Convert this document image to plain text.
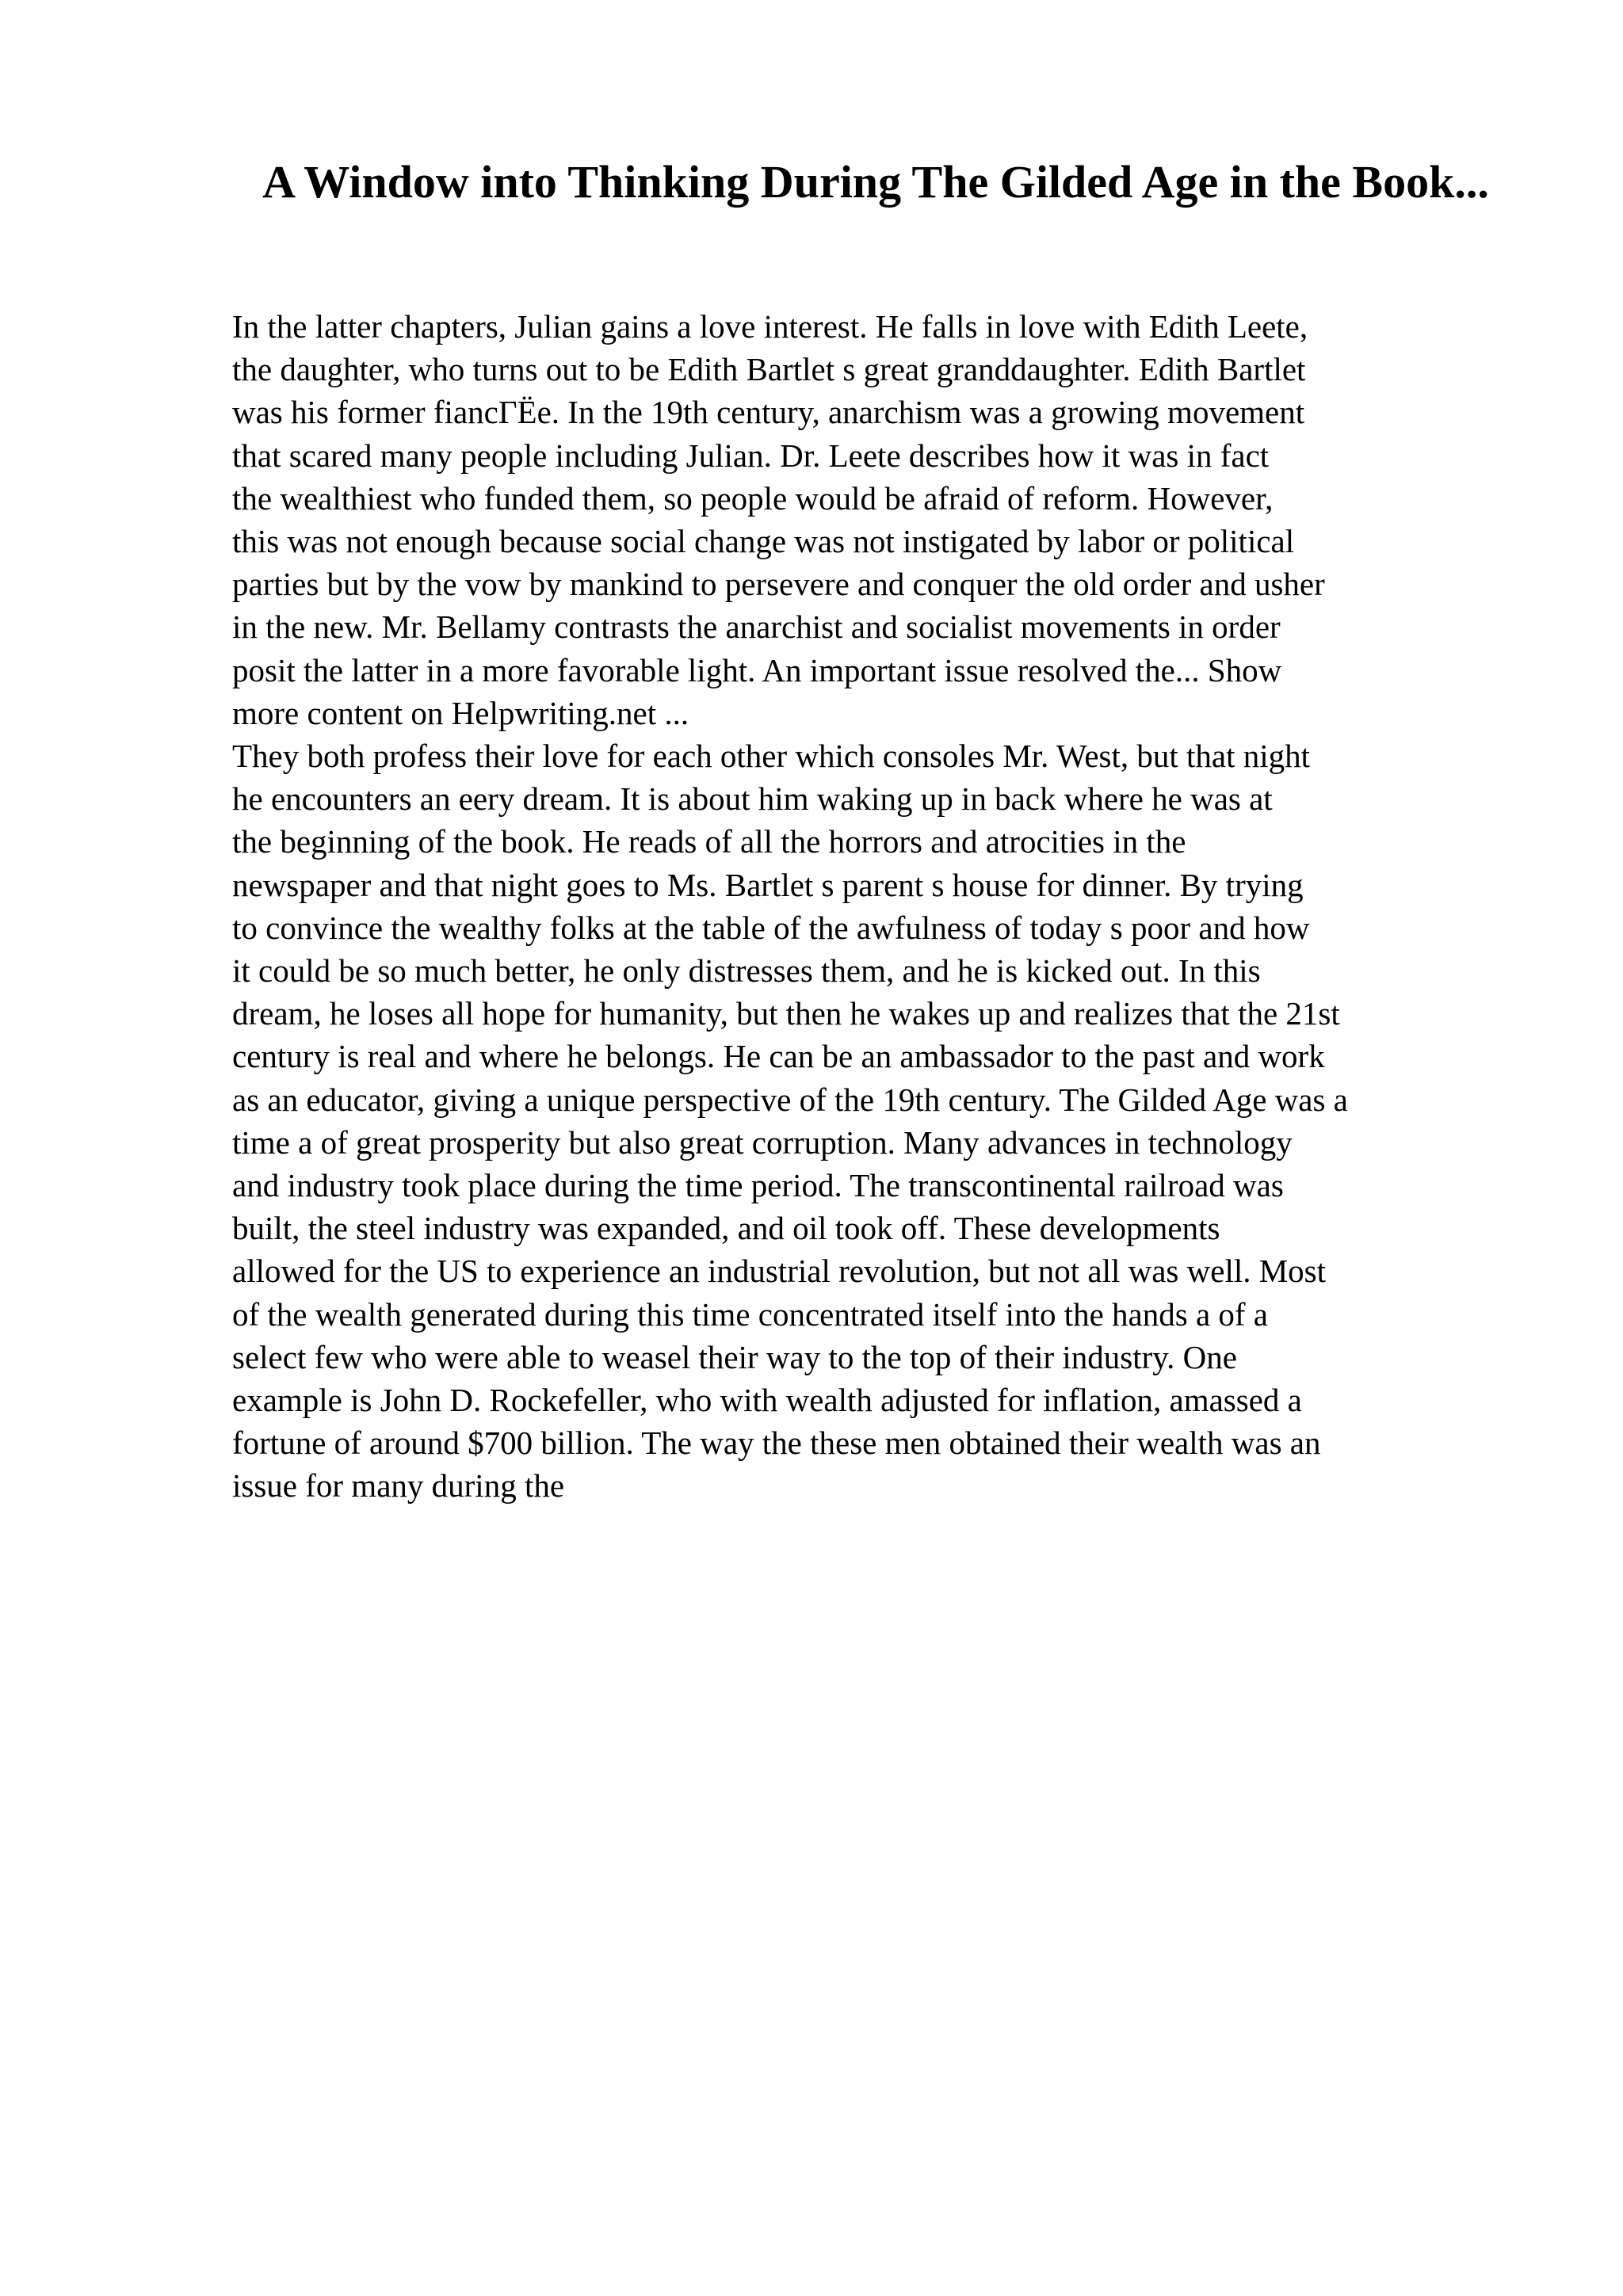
A Window into Thinking During The Gilded Age in the Book...
In the latter chapters, Julian gains a love interest. He falls in love with Edith Leete,
the daughter, who turns out to be Edith Bartlet s great granddaughter. Edith Bartlet
was his former fiancГЁe. In the 19th century, anarchism was a growing movement
that scared many people including Julian. Dr. Leete describes how it was in fact
the wealthiest who funded them, so people would be afraid of reform. However,
this was not enough because social change was not instigated by labor or political
parties but by the vow by mankind to persevere and conquer the old order and usher
in the new. Mr. Bellamy contrasts the anarchist and socialist movements in order
posit the latter in a more favorable light. An important issue resolved the... Show
more content on Helpwriting.net ...
They both profess their love for each other which consoles Mr. West, but that night
he encounters an eery dream. It is about him waking up in back where he was at
the beginning of the book. He reads of all the horrors and atrocities in the
newspaper and that night goes to Ms. Bartlet s parent s house for dinner. By trying
to convince the wealthy folks at the table of the awfulness of today s poor and how
it could be so much better, he only distresses them, and he is kicked out. In this
dream, he loses all hope for humanity, but then he wakes up and realizes that the 21st
century is real and where he belongs. He can be an ambassador to the past and work
as an educator, giving a unique perspective of the 19th century. The Gilded Age was a
time a of great prosperity but also great corruption. Many advances in technology
and industry took place during the time period. The transcontinental railroad was
built, the steel industry was expanded, and oil took off. These developments
allowed for the US to experience an industrial revolution, but not all was well. Most
of the wealth generated during this time concentrated itself into the hands a of a
select few who were able to weasel their way to the top of their industry. One
example is John D. Rockefeller, who with wealth adjusted for inflation, amassed a
fortune of around $700 billion. The way the these men obtained their wealth was an
issue for many during the
